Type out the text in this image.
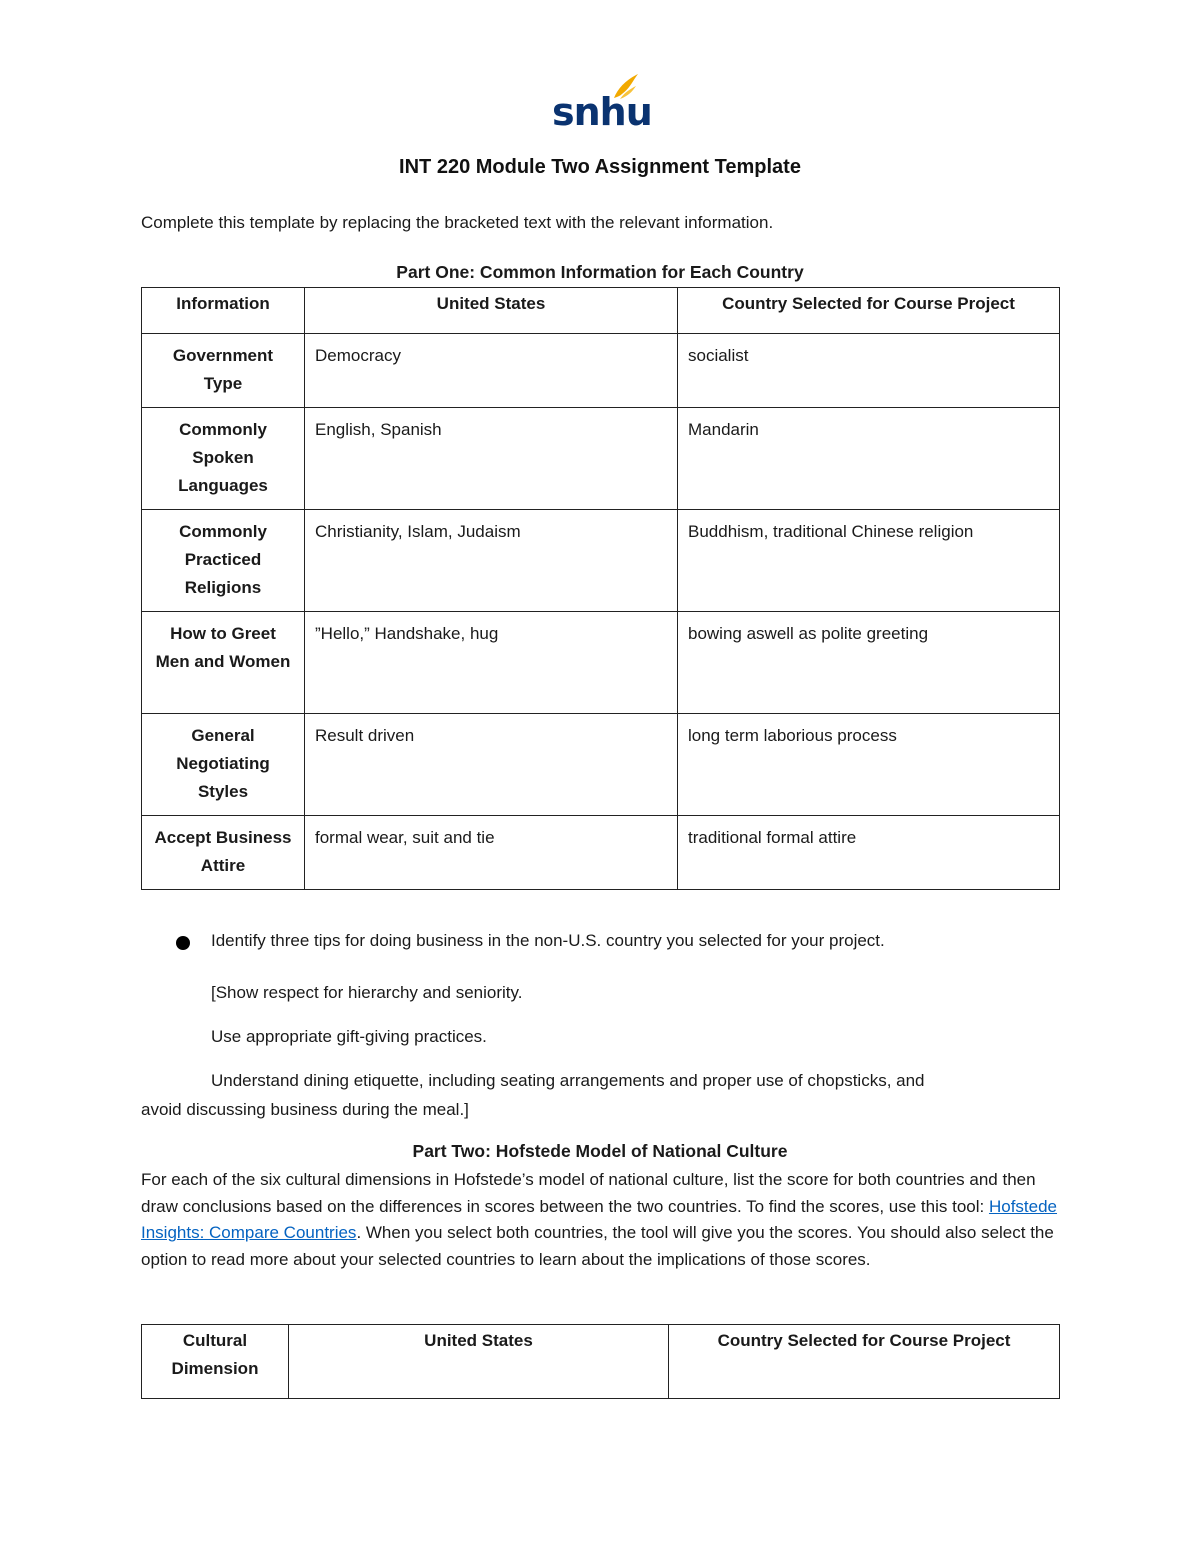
snhu
INT 220 Module Two Assignment Template
Complete this template by replacing the bracketed text with the relevant information.
Part One: Common Information for Each Country
Information	United States	Country Selected for Course Project
Government Type	Democracy	socialist
Commonly Spoken Languages	English, Spanish	Mandarin
Commonly Practiced Religions	Christianity, Islam, Judaism	Buddhism, traditional Chinese religion
How to Greet Men and Women	”Hello,” Handshake, hug	bowing aswell as polite greeting
General Negotiating Styles	Result driven	long term laborious process
Accept Business Attire	formal wear, suit and tie	traditional formal attire
Identify three tips for doing business in the non-U.S. country you selected for your project.
[Show respect for hierarchy and seniority.
Use appropriate gift-giving practices.
Understand dining etiquette, including seating arrangements and proper use of chopsticks, and
avoid discussing business during the meal.]
Part Two: Hofstede Model of National Culture
For each of the six cultural dimensions in Hofstede’s model of national culture, list the score for both countries and then draw conclusions based on the differences in scores between the two countries. To find the scores, use this tool: Hofstede Insights: Compare Countries. When you select both countries, the tool will give you the scores. You should also select the option to read more about your selected countries to learn about the implications of those scores.
Cultural Dimension	United States	Country Selected for Course Project
